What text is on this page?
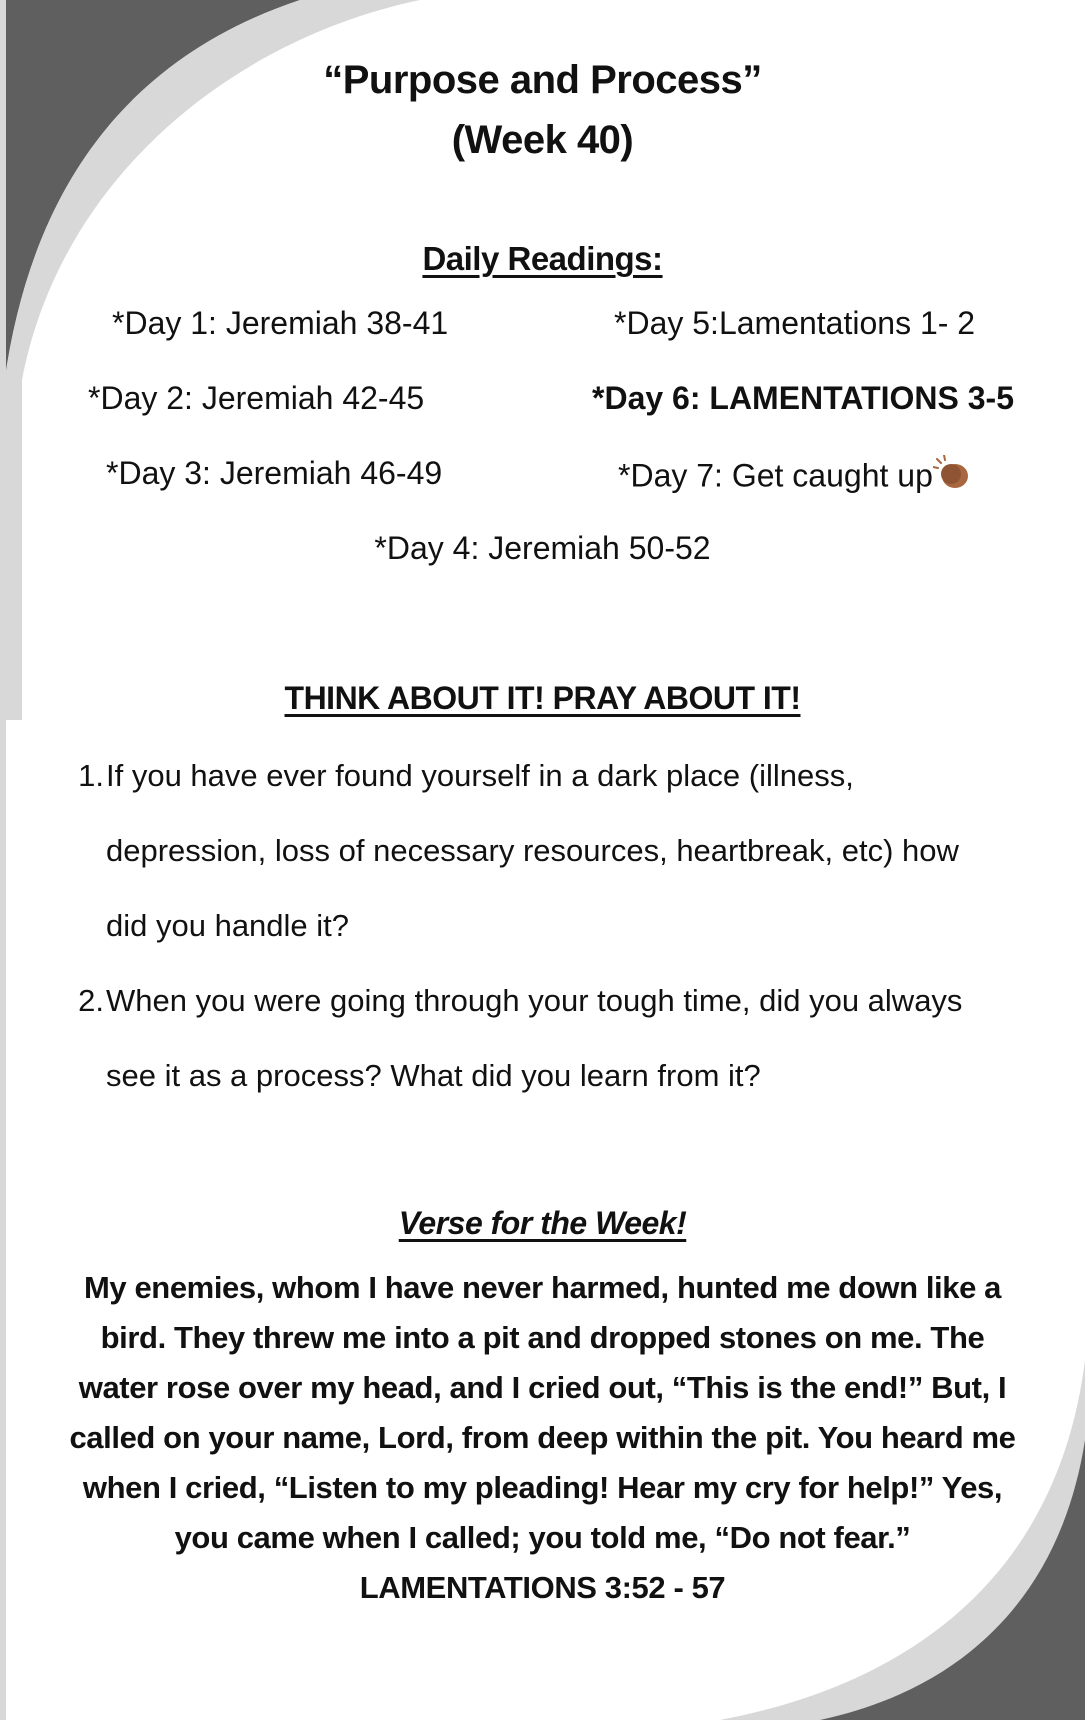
“Purpose and Process”
(Week 40)
Daily Readings:
*Day 1: Jeremiah 38-41
*Day 2: Jeremiah 42-45
*Day 3: Jeremiah 46-49
*Day 5:Lamentations 1- 2
*Day 6: LAMENTATIONS 3-5
*Day 7: Get caught up
*Day 4: Jeremiah 50-52
THINK ABOUT IT! PRAY ABOUT IT!
1. If you have ever found yourself in a dark place (illness,
depression, loss of necessary resources, heartbreak, etc) how
did you handle it?
2. When you were going through your tough time, did you always
see it as a process? What did you learn from it?
Verse for the Week!
My enemies, whom I have never harmed, hunted me down like a
bird. They threw me into a pit and dropped stones on me. The
water rose over my head, and I cried out, “This is the end!” But, I
called on your name, Lord, from deep within the pit. You heard me
when I cried, “Listen to my pleading! Hear my cry for help!” Yes,
you came when I called; you told me, “Do not fear.”
LAMENTATIONS 3:52 - 57
